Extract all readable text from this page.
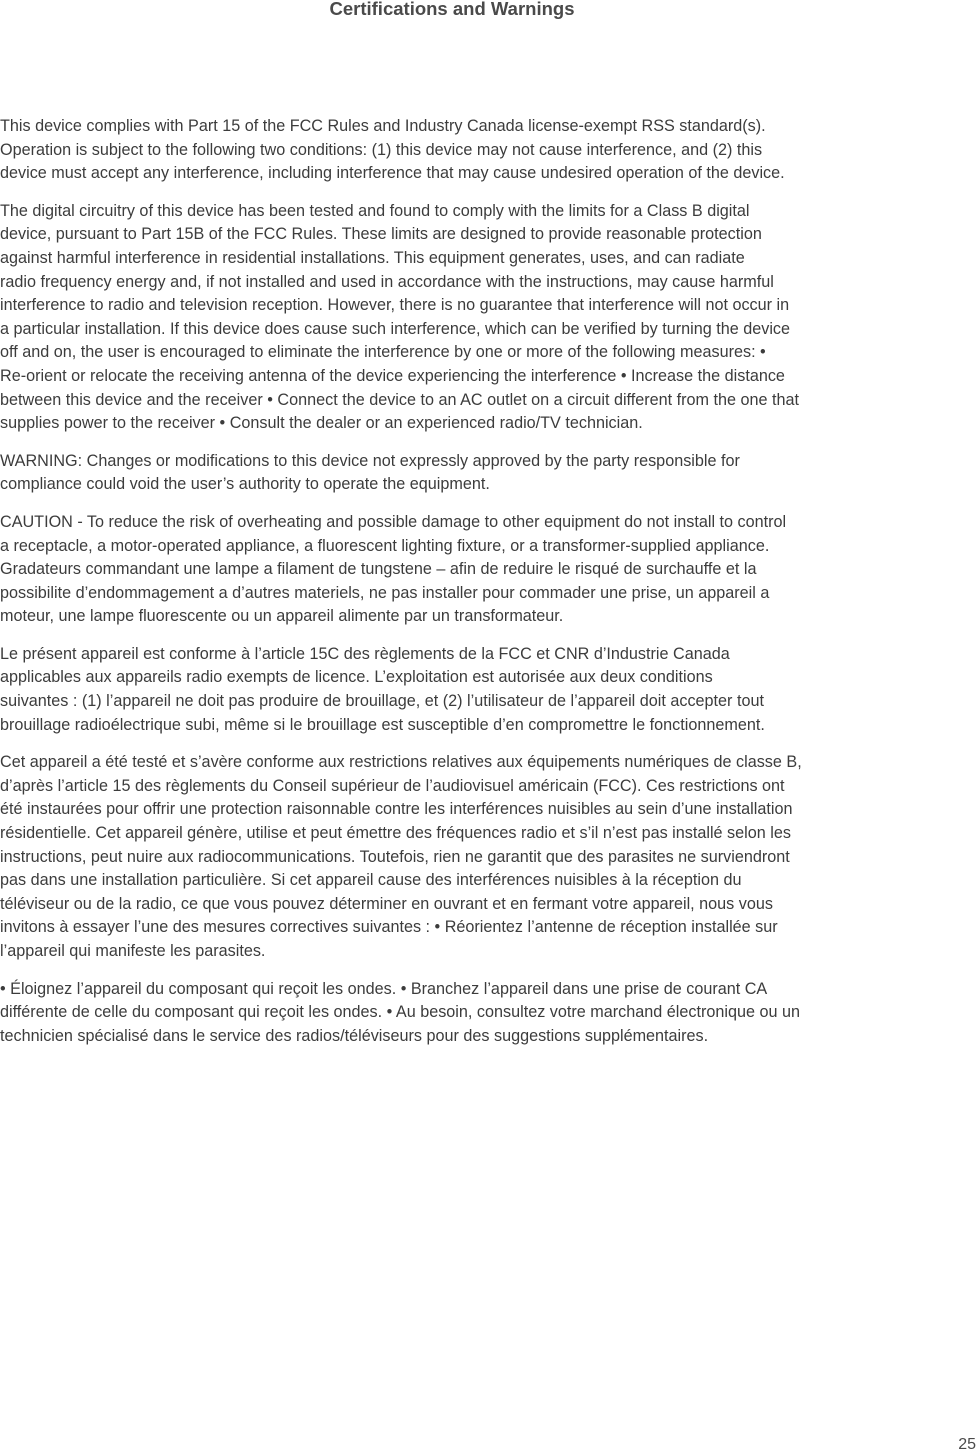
Certifications and Warnings

This device complies with Part 15 of the FCC Rules and Industry Canada license-exempt RSS standard(s).
Operation is subject to the following two conditions: (1) this device may not cause interference, and (2) this
device must accept any interference, including interference that may cause undesired operation of the device.

The digital circuitry of this device has been tested and found to comply with the limits for a Class B digital
device, pursuant to Part 15B of the FCC Rules. These limits are designed to provide reasonable protection
against harmful interference in residential installations. This equipment generates, uses, and can radiate
radio frequency energy and, if not installed and used in accordance with the instructions, may cause harmful
interference to radio and television reception. However, there is no guarantee that interference will not occur in
a particular installation. If this device does cause such interference, which can be verified by turning the device
off and on, the user is encouraged to eliminate the interference by one or more of the following measures: •
Re-orient or relocate the receiving antenna of the device experiencing the interference • Increase the distance
between this device and the receiver • Connect the device to an AC outlet on a circuit different from the one that
supplies power to the receiver • Consult the dealer or an experienced radio/TV technician.

WARNING: Changes or modifications to this device not expressly approved by the party responsible for
compliance could void the user’s authority to operate the equipment.

CAUTION - To reduce the risk of overheating and possible damage to other equipment do not install to control
a receptacle, a motor-operated appliance, a fluorescent lighting fixture, or a transformer-supplied appliance.
Gradateurs commandant une lampe a filament de tungstene – afin de reduire le risqué de surchauffe et la
possibilite d’endommagement a d’autres materiels, ne pas installer pour commader une prise, un appareil a
moteur, une lampe fluorescente ou un appareil alimente par un transformateur.

Le présent appareil est conforme à l’article 15C des règlements de la FCC et CNR d’Industrie Canada
applicables aux appareils radio exempts de licence. L’exploitation est autorisée aux deux conditions
suivantes : (1) l’appareil ne doit pas produire de brouillage, et (2) l’utilisateur de l’appareil doit accepter tout
brouillage radioélectrique subi, même si le brouillage est susceptible d’en compromettre le fonctionnement.

Cet appareil a été testé et s’avère conforme aux restrictions relatives aux équipements numériques de classe B,
d’après l’article 15 des règlements du Conseil supérieur de l’audiovisuel américain (FCC). Ces restrictions ont
été instaurées pour offrir une protection raisonnable contre les interférences nuisibles au sein d’une installation
résidentielle. Cet appareil génère, utilise et peut émettre des fréquences radio et s’il n’est pas installé selon les
instructions, peut nuire aux radiocommunications. Toutefois, rien ne garantit que des parasites ne surviendront
pas dans une installation particulière. Si cet appareil cause des interférences nuisibles à la réception du
téléviseur ou de la radio, ce que vous pouvez déterminer en ouvrant et en fermant votre appareil, nous vous
invitons à essayer l’une des mesures correctives suivantes : • Réorientez l’antenne de réception installée sur
l’appareil qui manifeste les parasites.

• Éloignez l’appareil du composant qui reçoit les ondes. • Branchez l’appareil dans une prise de courant CA
différente de celle du composant qui reçoit les ondes. • Au besoin, consultez votre marchand électronique ou un
technicien spécialisé dans le service des radios/téléviseurs pour des suggestions supplémentaires.

25
